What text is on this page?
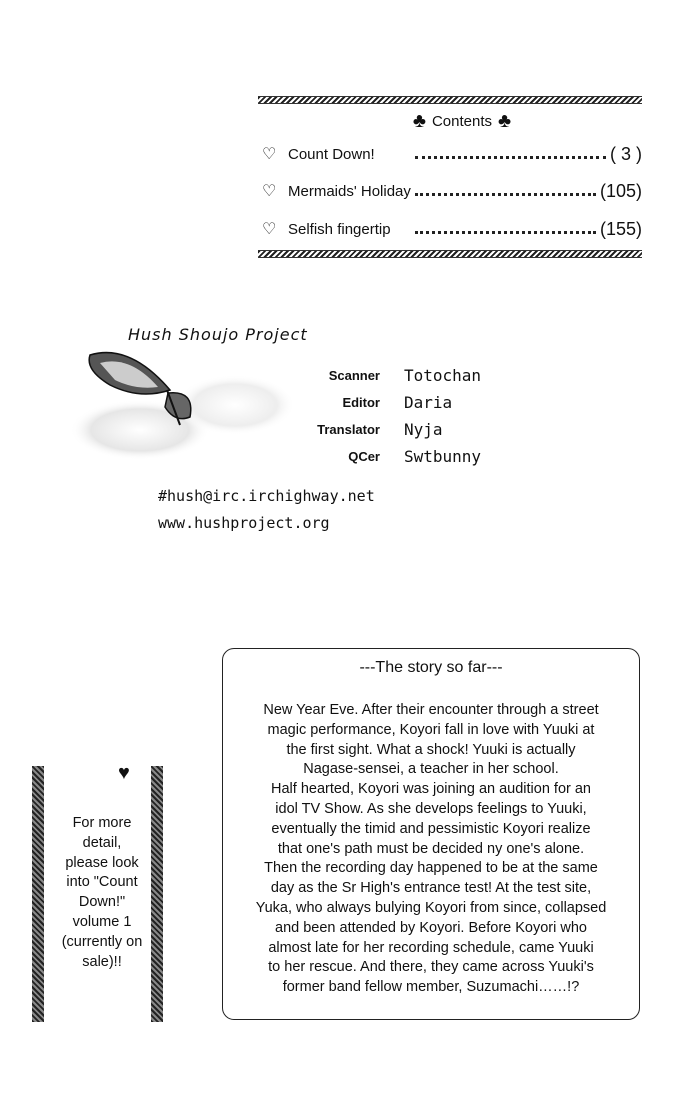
♣ Contents ♣
♡ Count Down!	( 3 )
♡ Mermaids' Holiday	(105)
♡ Selfish fingertip	(155)
Hush Shoujo Project
Scanner Totochan
Editor Daria
Translator Nyja
QCer Swtbunny
#hush@irc.irchighway.net
www.hushproject.org
---The story so far---
New Year Eve. After their encounter through a street
magic performance, Koyori fall in love with Yuuki at
the first sight. What a shock! Yuuki is actually
Nagase-sensei, a teacher in her school.
Half hearted, Koyori was joining an audition for an
idol TV Show. As she develops feelings to Yuuki,
eventually the timid and pessimistic Koyori realize
that one's path must be decided ny one's alone.
Then the recording day happened to be at the same
day as the Sr High's entrance test! At the test site,
Yuka, who always bulying Koyori from since, collapsed
and been attended by Koyori. Before Koyori who
almost late for her recording schedule, came Yuuki
to her rescue. And there, they came across Yuuki's
former band fellow member, Suzumachi……!?
♥
For more
detail,
please look
into "Count
Down!"
volume 1
(currently on
sale)!!
